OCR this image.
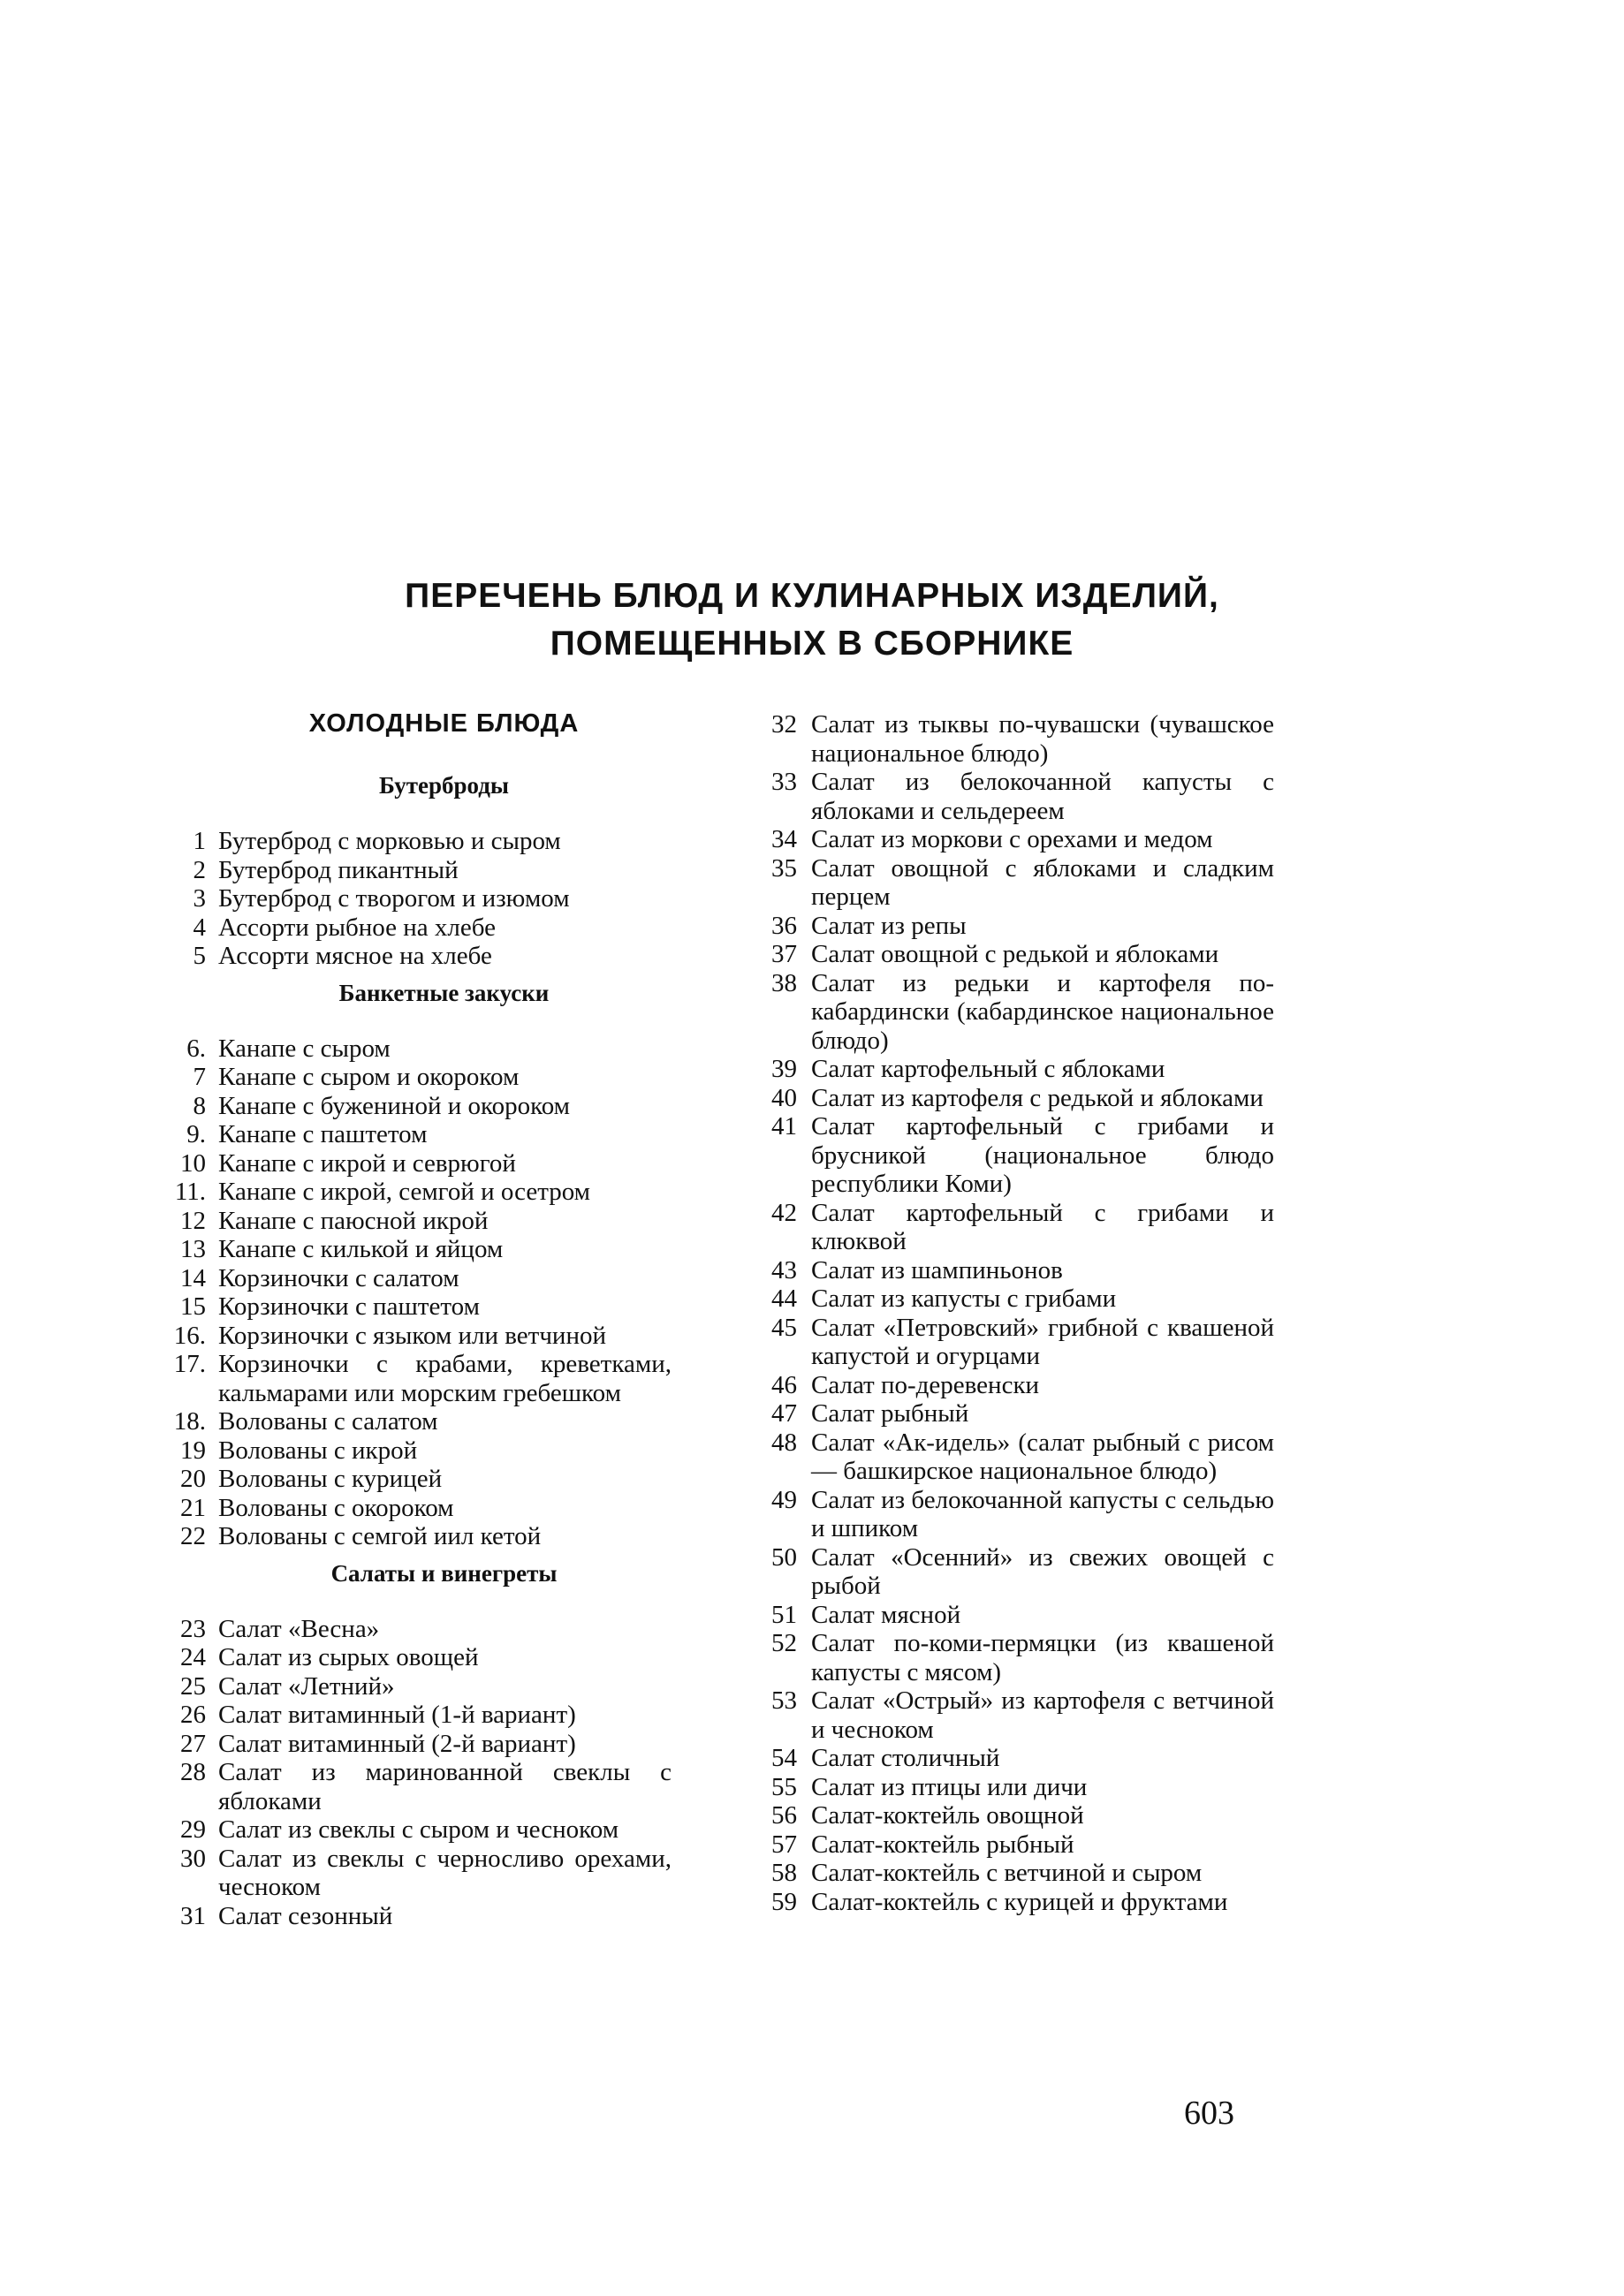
ПЕРЕЧЕНЬ БЛЮД И КУЛИНАРНЫХ ИЗДЕЛИЙ,
ПОМЕЩЕННЫХ В СБОРНИКЕ
ХОЛОДНЫЕ БЛЮДА
Бутерброды
1 Бутерброд с морковью и сыром
2 Бутерброд пикантный
3 Бутерброд с творогом и изюмом
4 Ассорти рыбное на хлебе
5 Ассорти мясное на хлебе
Банкетные закуски
6. Канапе с сыром
7 Канапе с сыром и окороком
8 Канапе с бужениной и окороком
9. Канапе с паштетом
10 Канапе с икрой и севрюгой
11. Канапе с икрой, семгой и осетром
12 Канапе с паюсной икрой
13 Канапе с килькой и яйцом
14 Корзиночки с салатом
15 Корзиночки с паштетом
16. Корзиночки с языком или ветчиной
17. Корзиночки с крабами, креветками, кальмарами или морским гребешком
18. Волованы с салатом
19 Волованы с икрой
20 Волованы с курицей
21 Волованы с окороком
22 Волованы с семгой иил кетой
Салаты и винегреты
23 Салат «Весна»
24 Салат из сырых овощей
25 Салат «Летний»
26 Салат витаминный (1-й вариант)
27 Салат витаминный (2-й вариант)
28 Салат из маринованной свеклы с яблоками
29 Салат из свеклы с сыром и чесноком
30 Салат из свеклы с черносливо орехами, чесноком
31 Салат сезонный
32 Салат из тыквы по-чувашски (чувашское национальное блюдо)
33 Салат из белокочанной капусты с яблоками и сельдереем
34 Салат из моркови с орехами и медом
35 Салат овощной с яблоками и сладким перцем
36 Салат из репы
37 Салат овощной с редькой и яблоками
38 Салат из редьки и картофеля по-кабардински (кабардинское национальное блюдо)
39 Салат картофельный с яблоками
40 Салат из картофеля с редькой и яблоками
41 Салат картофельный с грибами и брусникой (национальное блюдо республики Коми)
42 Салат картофельный с грибами и клюквой
43 Салат из шампиньонов
44 Салат из капусты с грибами
45 Салат «Петровский» грибной с квашеной капустой и огурцами
46 Салат по-деревенски
47 Салат рыбный
48 Салат «Ак-идель» (салат рыбный с рисом — башкирское национальное блюдо)
49 Салат из белокочанной капусты с сельдью и шпиком
50 Салат «Осенний» из свежих овощей с рыбой
51 Салат мясной
52 Салат по-коми-пермяцки (из квашеной капусты с мясом)
53 Салат «Острый» из картофеля с ветчиной и чесноком
54 Салат столичный
55 Салат из птицы или дичи
56 Салат-коктейль овощной
57 Салат-коктейль рыбный
58 Салат-коктейль с ветчиной и сыром
59 Салат-коктейль с курицей и фруктами
603
